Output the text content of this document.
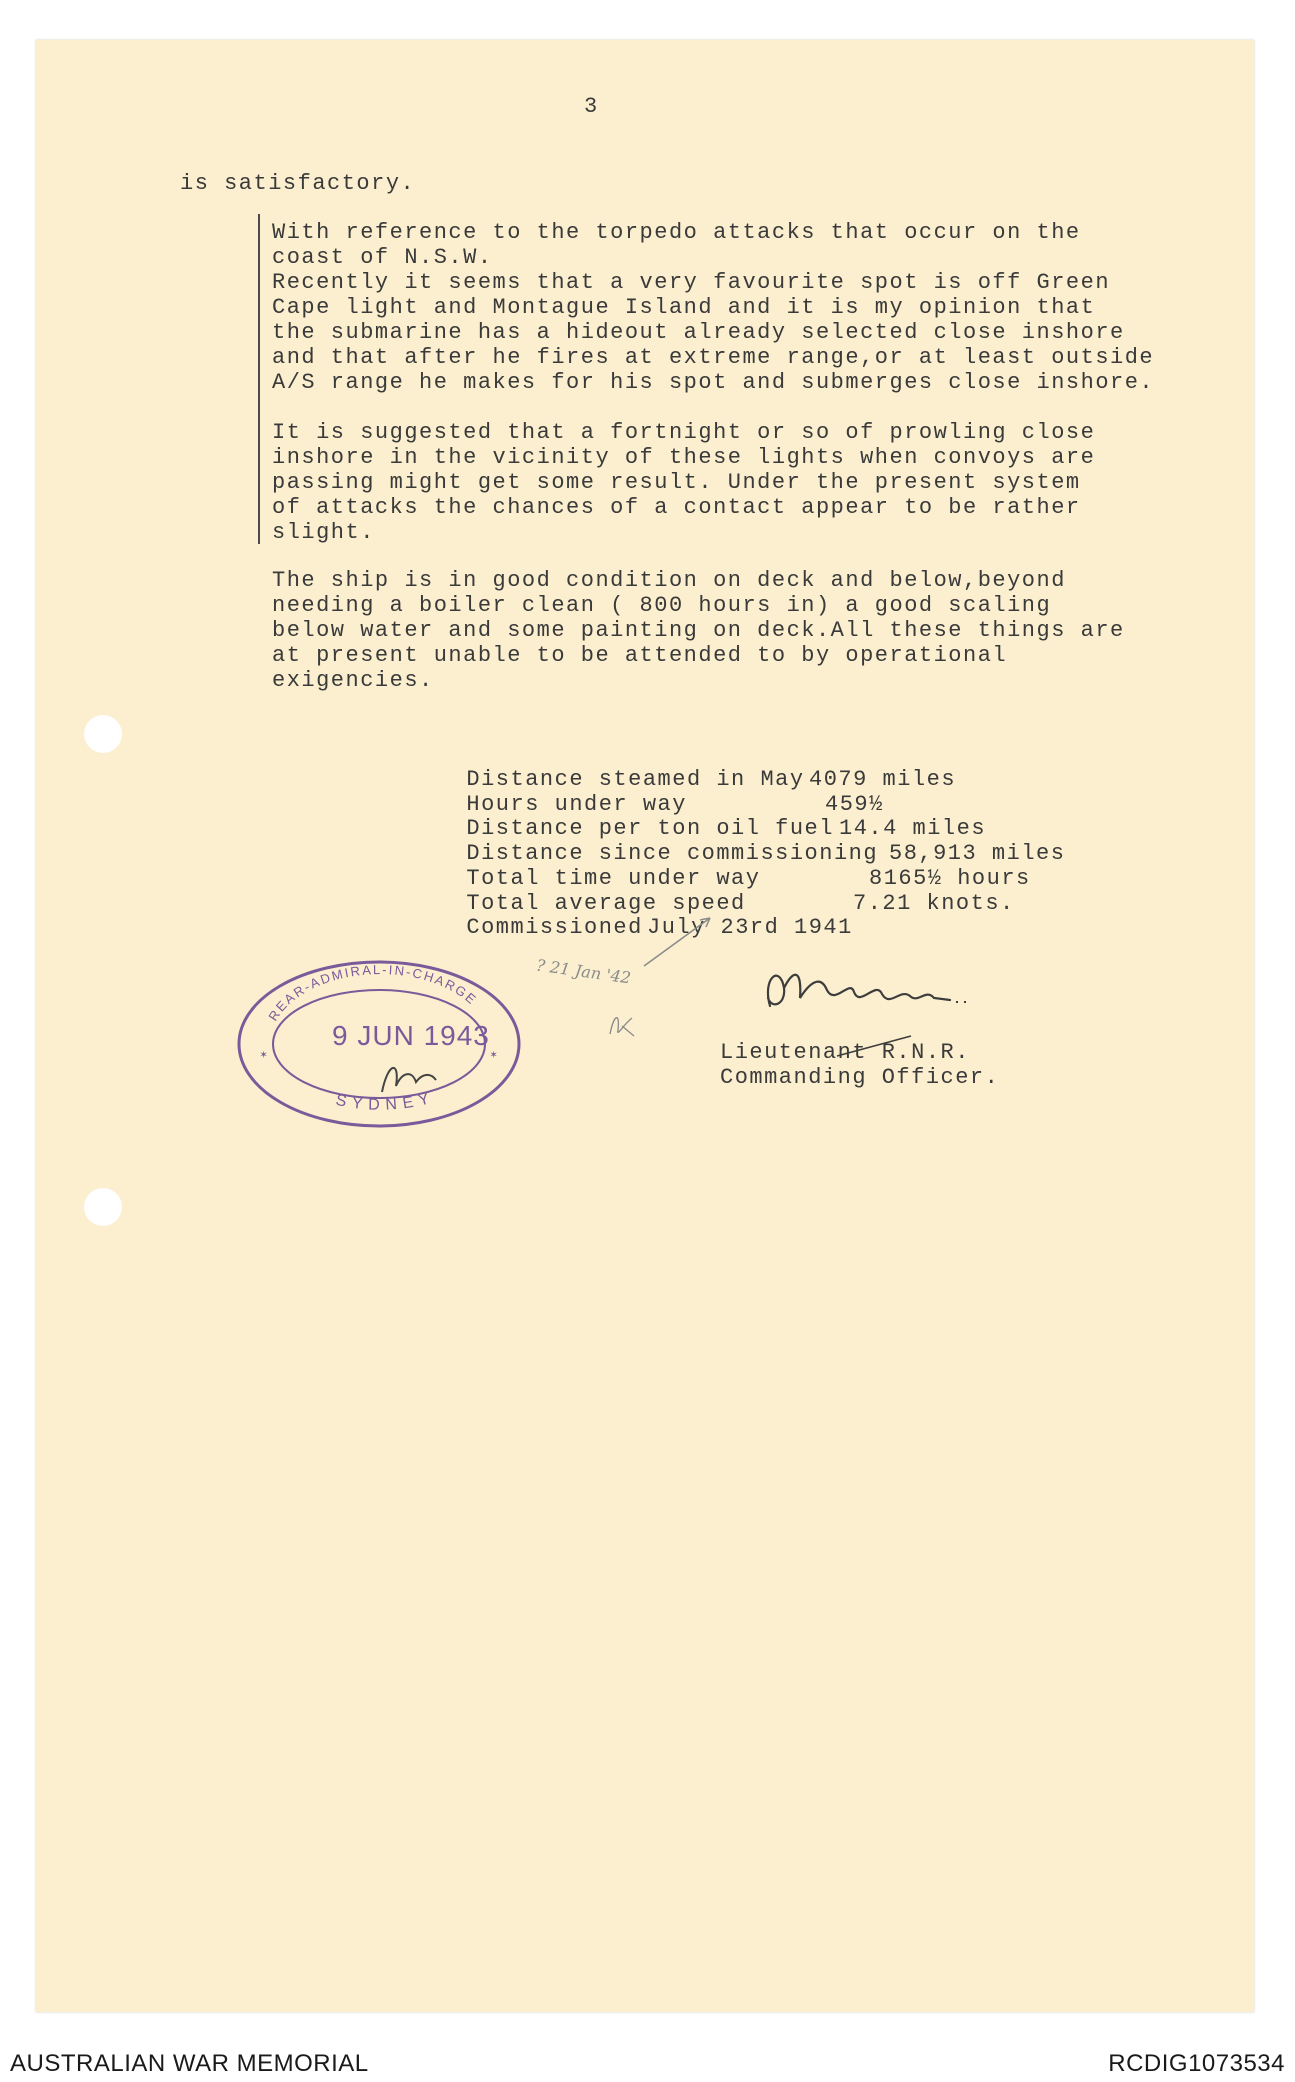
3
is satisfactory.
With reference to the torpedo attacks that occur on the
coast of N.S.W.
Recently it seems that a very favourite spot is off Green
Cape light and Montague Island and it is my opinion that
the submarine has a hideout already selected close inshore
and that after he fires at extreme range,or at least outside
A/S range he makes for his spot and submerges close inshore.
It is suggested that a fortnight or so of prowling close
inshore in the vicinity of these lights when convoys are
passing might get some result. Under the present system
of attacks the chances of a contact appear to be rather
slight.
The ship is in good condition on deck and below,beyond
needing a boiler clean ( 800 hours in) a good scaling
below water and some painting on deck.All these things are
at present unable to be attended to by operational
exigencies.

Distance steamed in May 4079 miles

Hours under way	459½

Distance per ton oil fuel 14.4 miles

Distance since commissioning 58,913 miles

Total time under way	8165½ hours

Total average speed	7.21 knots.

Commissioned July 23rd 1941

? 21 Jan '42
Lieutenant R.N.R.
Commanding Officer.
REAR-ADMIRAL-IN-CHARGE
SYDNEY
✶	✶
9 JUN 1943
AUSTRALIAN WAR MEMORIAL	RCDIG1073534
